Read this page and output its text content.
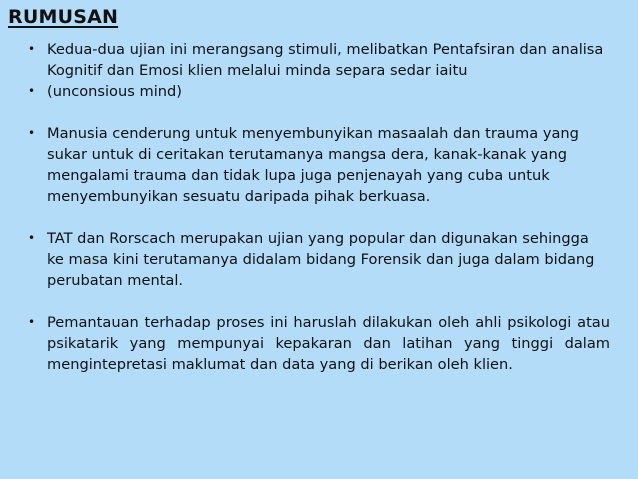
RUMUSAN
• Kedua-dua ujian ini merangsang stimuli, melibatkan Pentafsiran dan analisa Kognitif dan Emosi klien melalui minda separa sedar iaitu
• (unconsious mind)
• Manusia cenderung untuk menyembunyikan masaalah dan trauma yang sukar untuk di ceritakan terutamanya mangsa dera, kanak-kanak yang mengalami trauma dan tidak lupa juga penjenayah yang cuba untuk menyembunyikan sesuatu daripada pihak berkuasa.
• TAT dan Rorscach merupakan ujian yang popular dan digunakan sehingga ke masa kini terutamanya didalam bidang Forensik dan juga dalam bidang perubatan mental.
• Pemantauan terhadap proses ini haruslah dilakukan oleh ahli psikologi atau psikatarik yang mempunyai kepakaran dan latihan yang tinggi dalam mengintepretasi maklumat dan data yang di berikan oleh klien.
